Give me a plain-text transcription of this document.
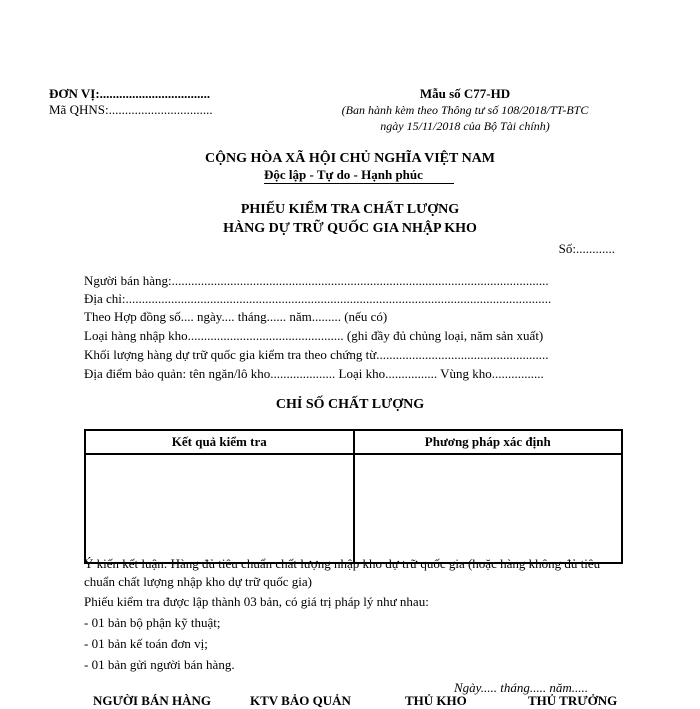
ĐƠN VỊ:..................................
Mã QHNS:................................
Mẫu số C77-HD
(Ban hành kèm theo Thông tư số 108/2018/TT-BTC
ngày 15/11/2018 của Bộ Tài chính)
CỘNG HÒA XÃ HỘI CHỦ NGHĨA VIỆT NAM
Độc lập - Tự do - Hạnh phúc
PHIẾU KIỂM TRA CHẤT LƯỢNG
HÀNG DỰ TRỮ QUỐC GIA NHẬP KHO
Số:............
Người bán hàng:....................................................................................................................
Địa chỉ:...................................................................................................................................
Theo Hợp đồng số.... ngày.... tháng...... năm......... (nếu có)
Loại hàng nhập kho................................................ (ghi đầy đủ chủng loại, năm sản xuất)
Khối lượng hàng dự trữ quốc gia kiểm tra theo chứng từ.....................................................
Địa điểm bảo quản: tên ngăn/lô kho.................... Loại kho................ Vùng kho................
CHỈ SỐ CHẤT LƯỢNG
Kết quả kiểm tra	Phương pháp xác định

Ý kiến kết luận: Hàng đủ tiêu chuẩn chất lượng nhập kho dự trữ quốc gia (hoặc hàng không đủ tiêu chuẩn chất lượng nhập kho dự trữ quốc gia)
Phiếu kiểm tra được lập thành 03 bản, có giá trị pháp lý như nhau:
- 01 bản bộ phận kỹ thuật;
- 01 bản kế toán đơn vị;
- 01 bản gửi người bán hàng.
Ngày..... tháng..... năm.....
NGƯỜI BÁN HÀNG	KTV BẢO QUẢN	THỦ KHO	THỦ TRƯỞNG
